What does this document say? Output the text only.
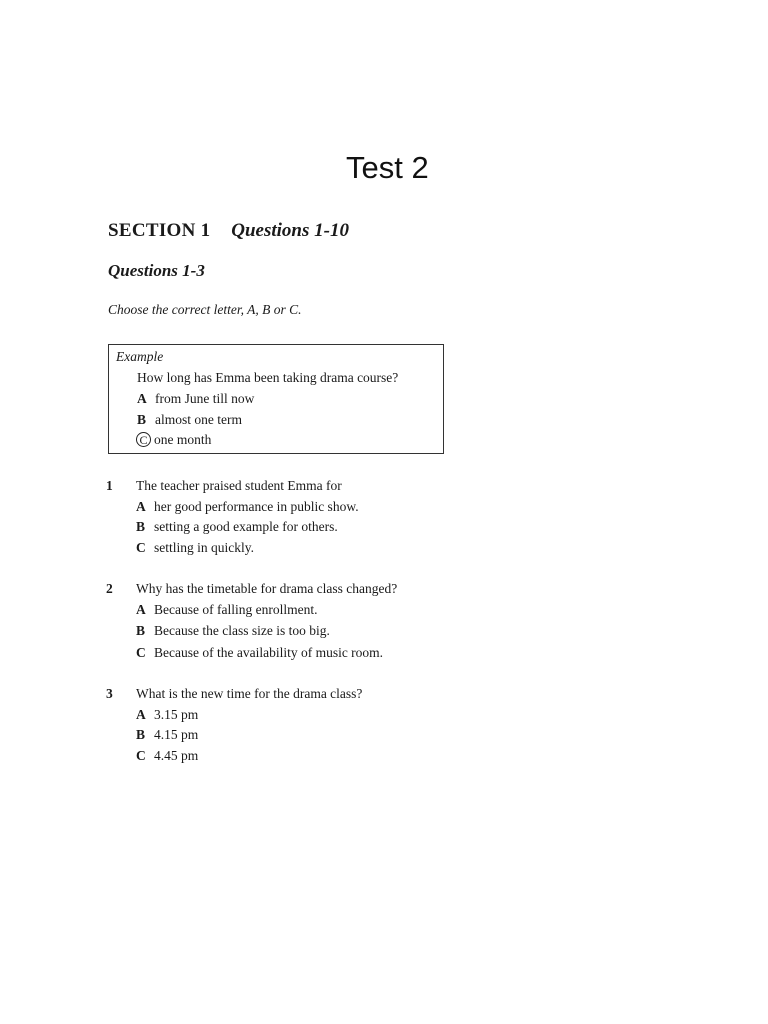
Test 2
SECTION 1 Questions 1-10
Questions 1-3

Choose the correct letter, A, B or C.

Example
How long has Emma been taking drama course?
A from June till now
B almost one term
C one month
1 The teacher praised student Emma for
A her good performance in public show.
B setting a good example for others.
C settling in quickly.
2 Why has the timetable for drama class changed?
A Because of falling enrollment.
B Because the class size is too big.
C Because of the availability of music room.
3 What is the new time for the drama class?
A 3.15 pm
B 4.15 pm
C 4.45 pm
